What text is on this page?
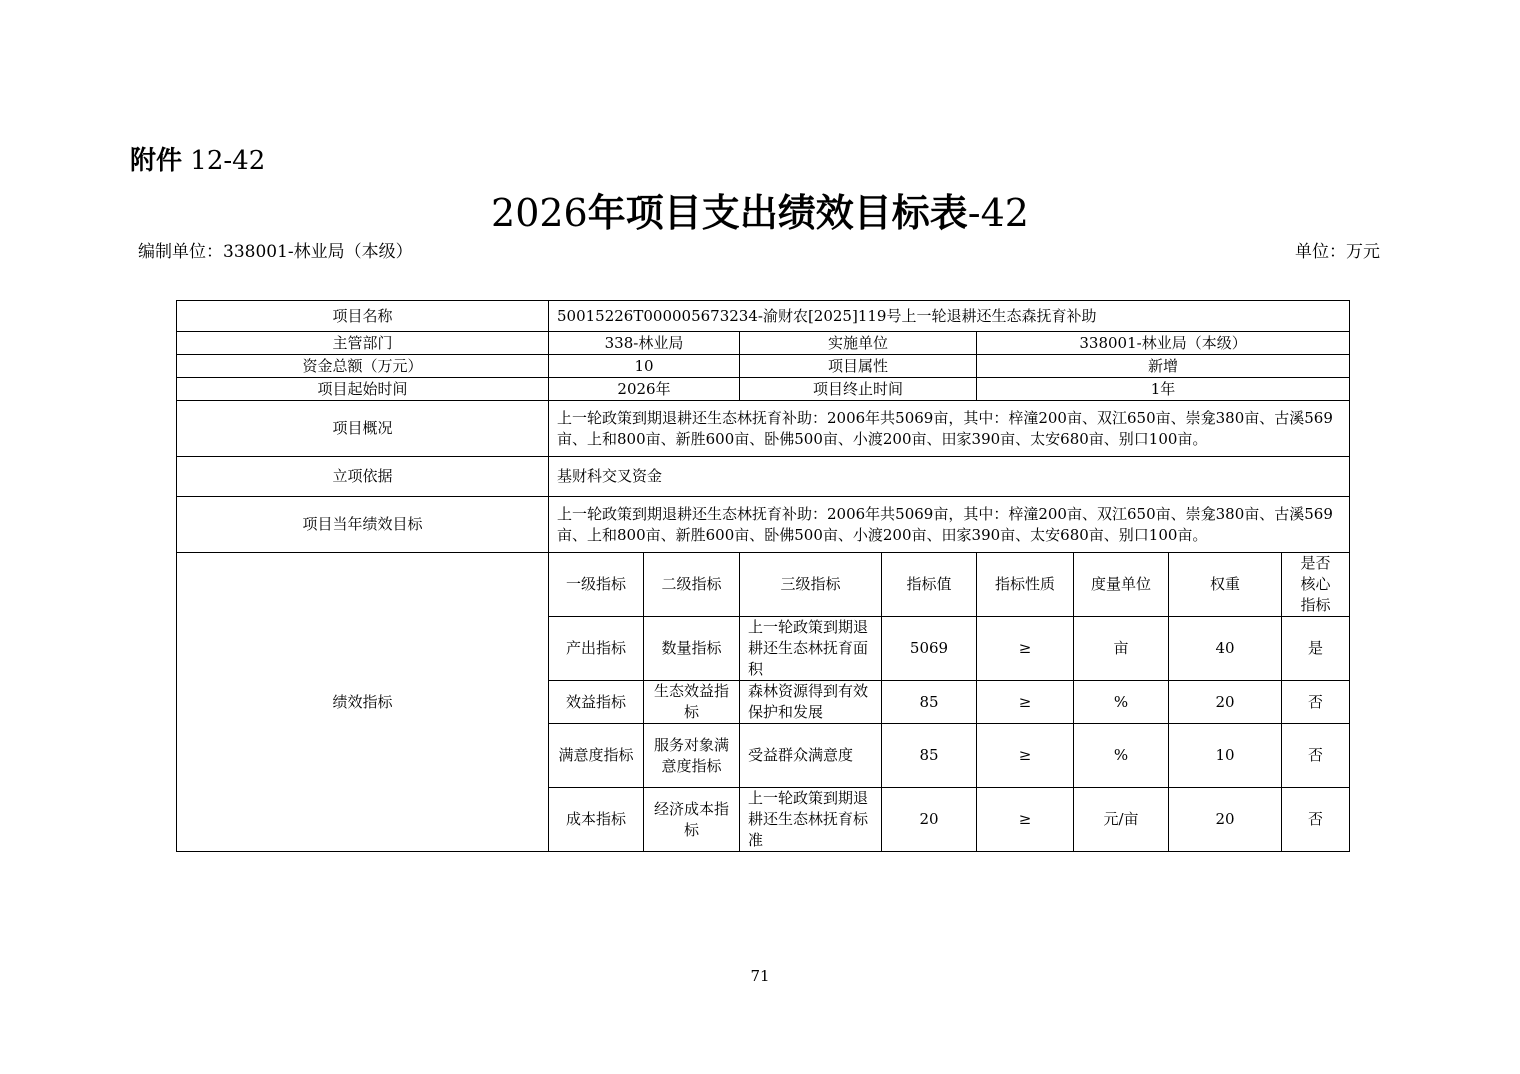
附件 12-42
2026年项目支出绩效目标表-42
编制单位：338001-林业局（本级）	单位：万元
项目名称	50015226T000005673234-渝财农[2025]119号上一轮退耕还生态森抚育补助							
主管部门	338-林业局		实施单位		338001-林业局（本级）			
资金总额（万元）	10		项目属性		新增			
项目起始时间	2026年		项目终止时间		1年			
项目概况	上一轮政策到期退耕还生态林抚育补助：2006年共5069亩，其中：梓潼200亩、双江650亩、崇龛380亩、古溪569亩、上和800亩、新胜600亩、卧佛500亩、小渡200亩、田家390亩、太安680亩、别口100亩。							
立项依据	基财科交叉资金							
项目当年绩效目标	上一轮政策到期退耕还生态林抚育补助：2006年共5069亩，其中：梓潼200亩、双江650亩、崇龛380亩、古溪569亩、上和800亩、新胜600亩、卧佛500亩、小渡200亩、田家390亩、太安680亩、别口100亩。							
绩效指标	一级指标	二级指标	三级指标	指标值	指标性质	度量单位	权重	是否核心指标
	产出指标	数量指标	上一轮政策到期退耕还生态林抚育面积	5069	≥	亩	40	是
	效益指标	生态效益指标	森林资源得到有效保护和发展	85	≥	%	20	否
	满意度指标	服务对象满意度指标	受益群众满意度	85	≥	%	10	否
	成本指标	经济成本指标	上一轮政策到期退耕还生态林抚育标准	20	≥	元/亩	20	否
71
